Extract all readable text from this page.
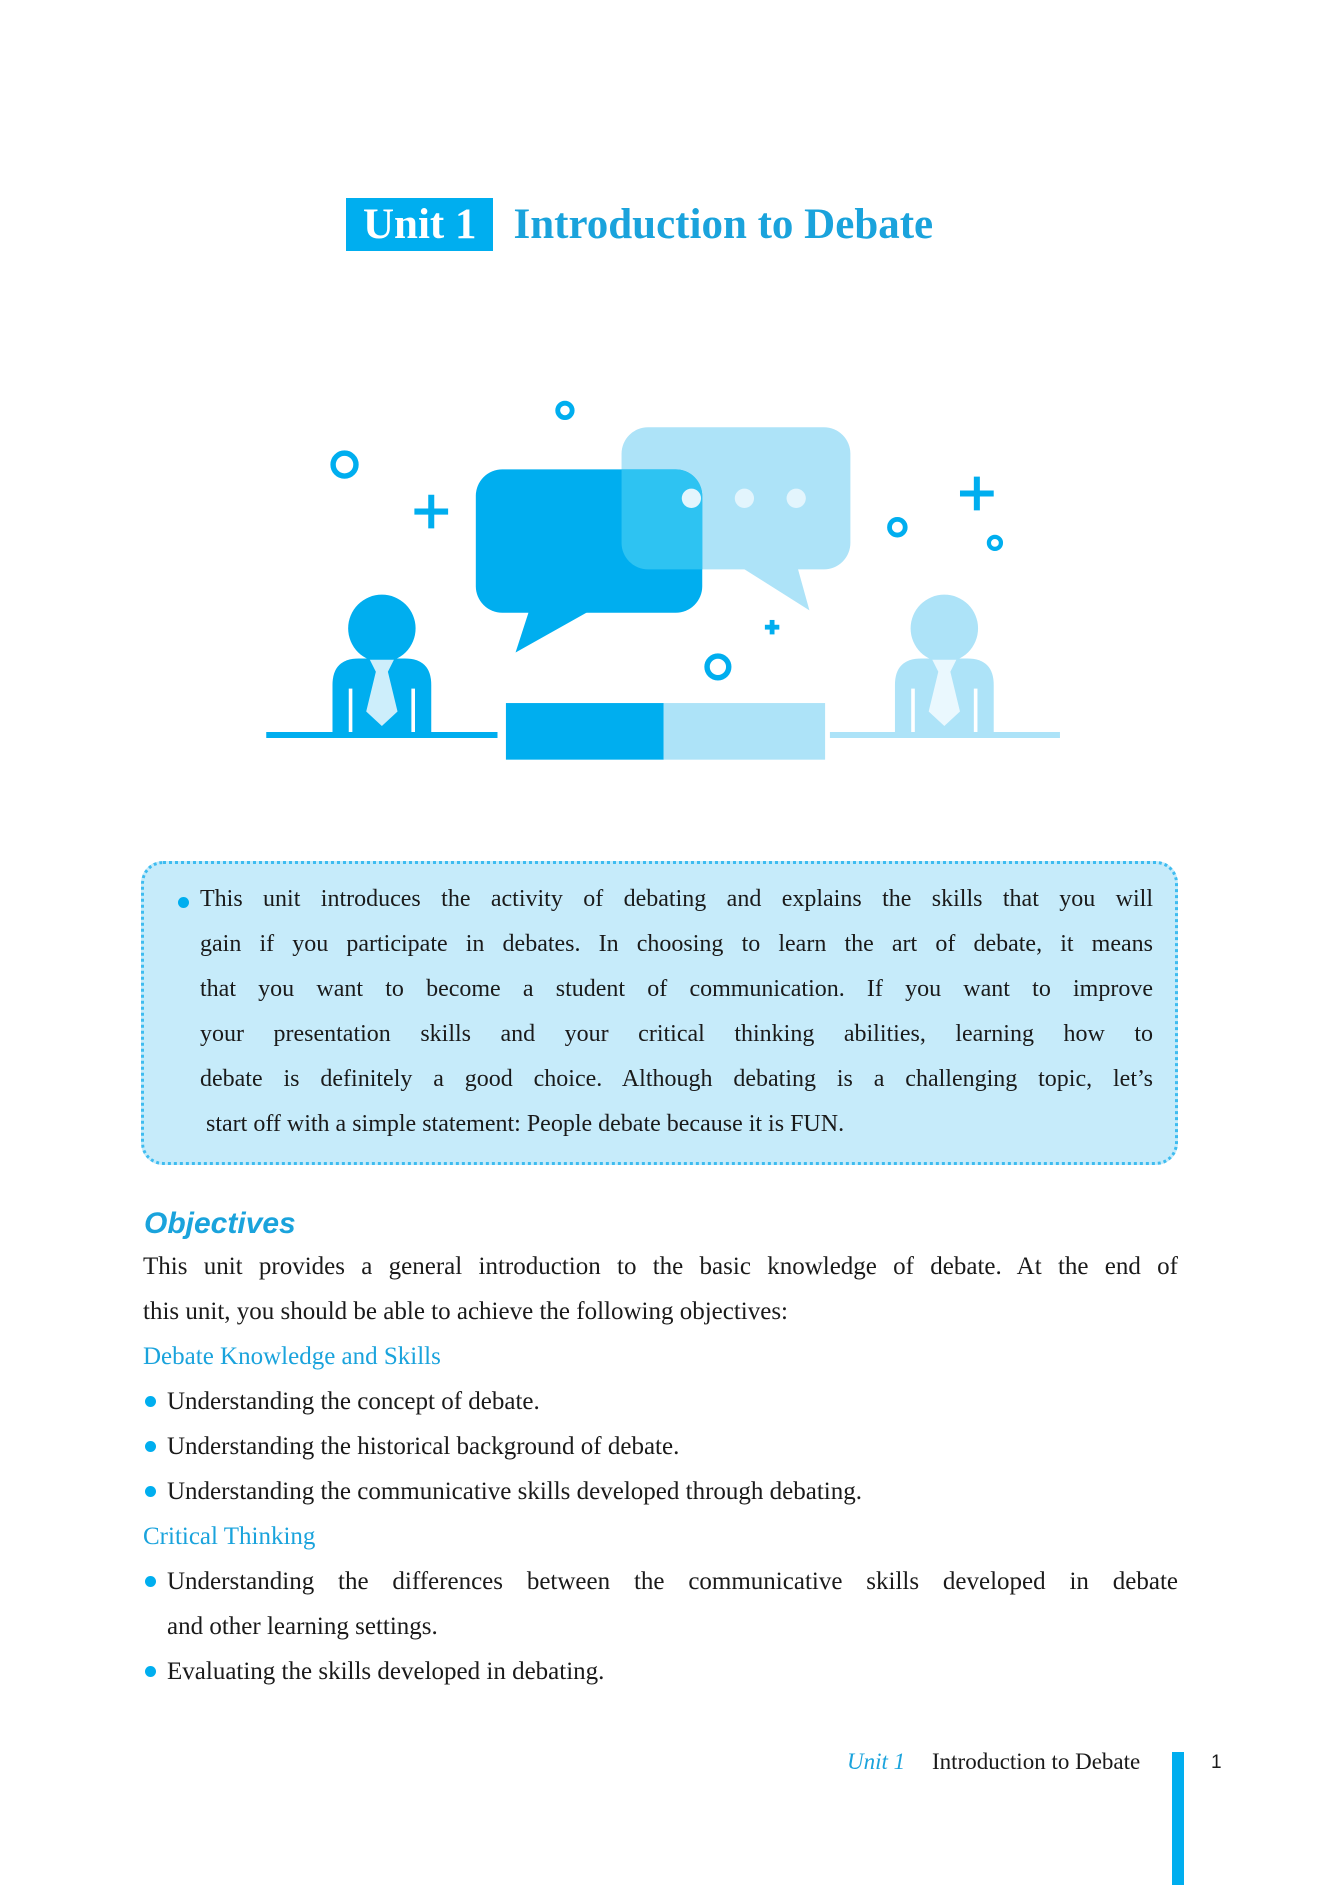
Unit 1 Introduction to Debate
This unit introduces the activity of debating and explains the skills that you will
gain if you participate in debates. In choosing to learn the art of debate, it means
that you want to become a student of communication. If you want to improve
your presentation skills and your critical thinking abilities, learning how to
debate is definitely a good choice. Although debating is a challenging topic, let’s
start off with a simple statement: People debate because it is FUN.
Objectives
This unit provides a general introduction to the basic knowledge of debate. At the end of
this unit, you should be able to achieve the following objectives:
Debate Knowledge and Skills
Understanding the concept of debate.
Understanding the historical background of debate.
Understanding the communicative skills developed through debating.
Critical Thinking
Understanding the differences between the communicative skills developed in debate
and other learning settings.
Evaluating the skills developed in debating.
Unit 1 Introduction to Debate	1
